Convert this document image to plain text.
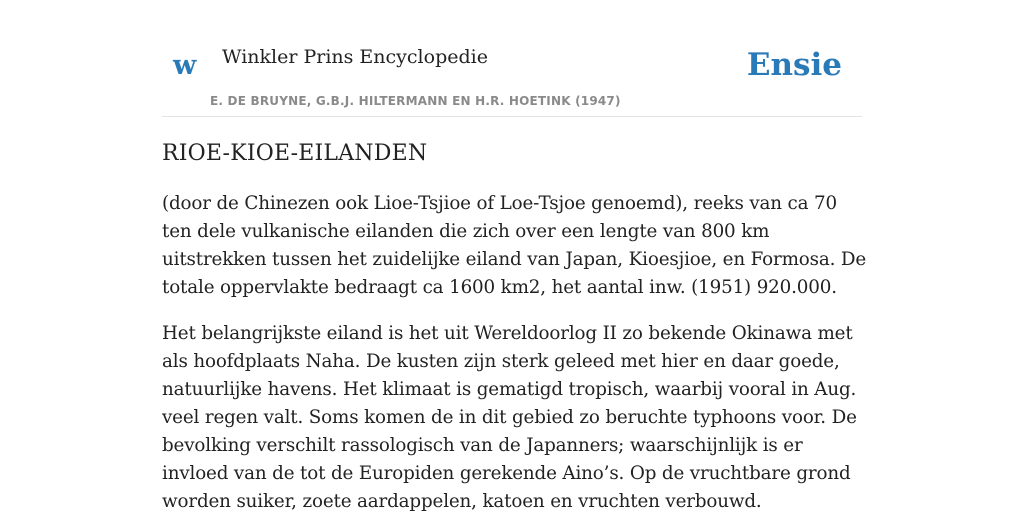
w Winkler Prins Encyclopedie
E. DE BRUYNE, G.B.J. HILTERMANN EN H.R. HOETINK (1947)
Ensie
RIOE-KIOE-EILANDEN

(door de Chinezen ook Lioe-Tsjioe of Loe-Tsjoe genoemd), reeks van ca 70 ten dele vulkanische eilanden die zich over een lengte van 800 km uitstrekken tussen het zuidelijke eiland van Japan, Kioesjioe, en Formosa. De totale oppervlakte bedraagt ca 1600 km2, het aantal inw. (1951) 920.000.

Het belangrijkste eiland is het uit Wereldoorlog II zo bekende Okinawa met als hoofdplaats Naha. De kusten zijn sterk geleed met hier en daar goede, natuurlijke havens. Het klimaat is gematigd tropisch, waarbij vooral in Aug. veel regen valt. Soms komen de in dit gebied zo beruchte typhoons voor. De bevolking verschilt rassologisch van de Japanners; waarschijnlijk is er invloed van de tot de Europiden gerekende Aino’s. Op de vruchtbare grond worden suiker, zoete aardappelen, katoen en vruchten verbouwd.
